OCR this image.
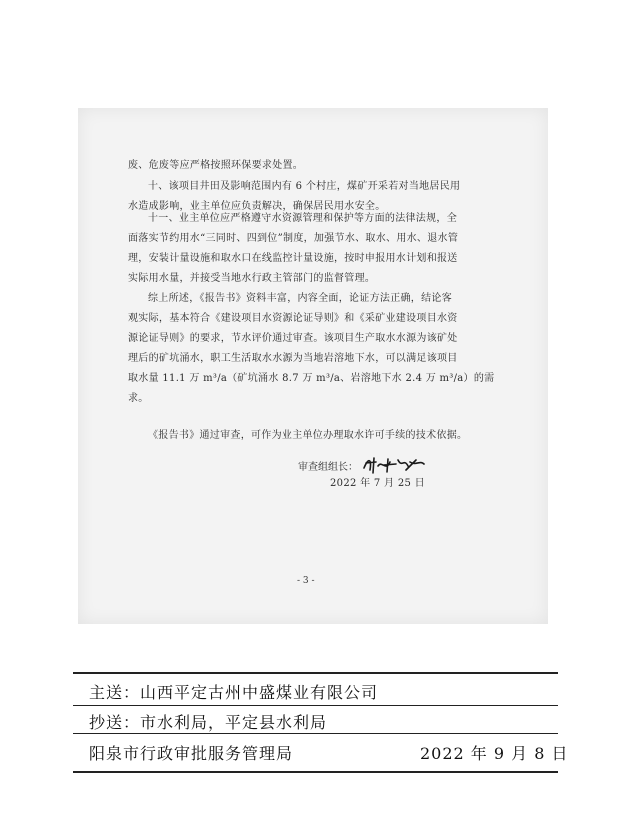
废、危废等应严格按照环保要求处置。
十、该项目井田及影响范围内有 6 个村庄，煤矿开采若对当地居民用
水造成影响，业主单位应负责解决，确保居民用水安全。
十一、业主单位应严格遵守水资源管理和保护等方面的法律法规，全
面落实节约用水“三同时、四到位”制度，加强节水、取水、用水、退水管
理，安装计量设施和取水口在线监控计量设施，按时申报用水计划和报送
实际用水量，并接受当地水行政主管部门的监督管理。
综上所述，《报告书》资料丰富，内容全面，论证方法正确，结论客
观实际，基本符合《建设项目水资源论证导则》和《采矿业建设项目水资
源论证导则》的要求，节水评价通过审查。该项目生产取水水源为该矿处
理后的矿坑涌水，职工生活取水水源为当地岩溶地下水，可以满足该项目
取水量 11.1 万 m³/a（矿坑涌水 8.7 万 m³/a、岩溶地下水 2.4 万 m³/a）的需
求。
《报告书》通过审查，可作为业主单位办理取水许可手续的技术依据。
审查组组长：
2022 年 7 月 25 日
- 3 -
主送：山西平定古州中盛煤业有限公司
抄送：市水利局，平定县水利局
阳泉市行政审批服务管理局	2022 年 9 月 8 日
